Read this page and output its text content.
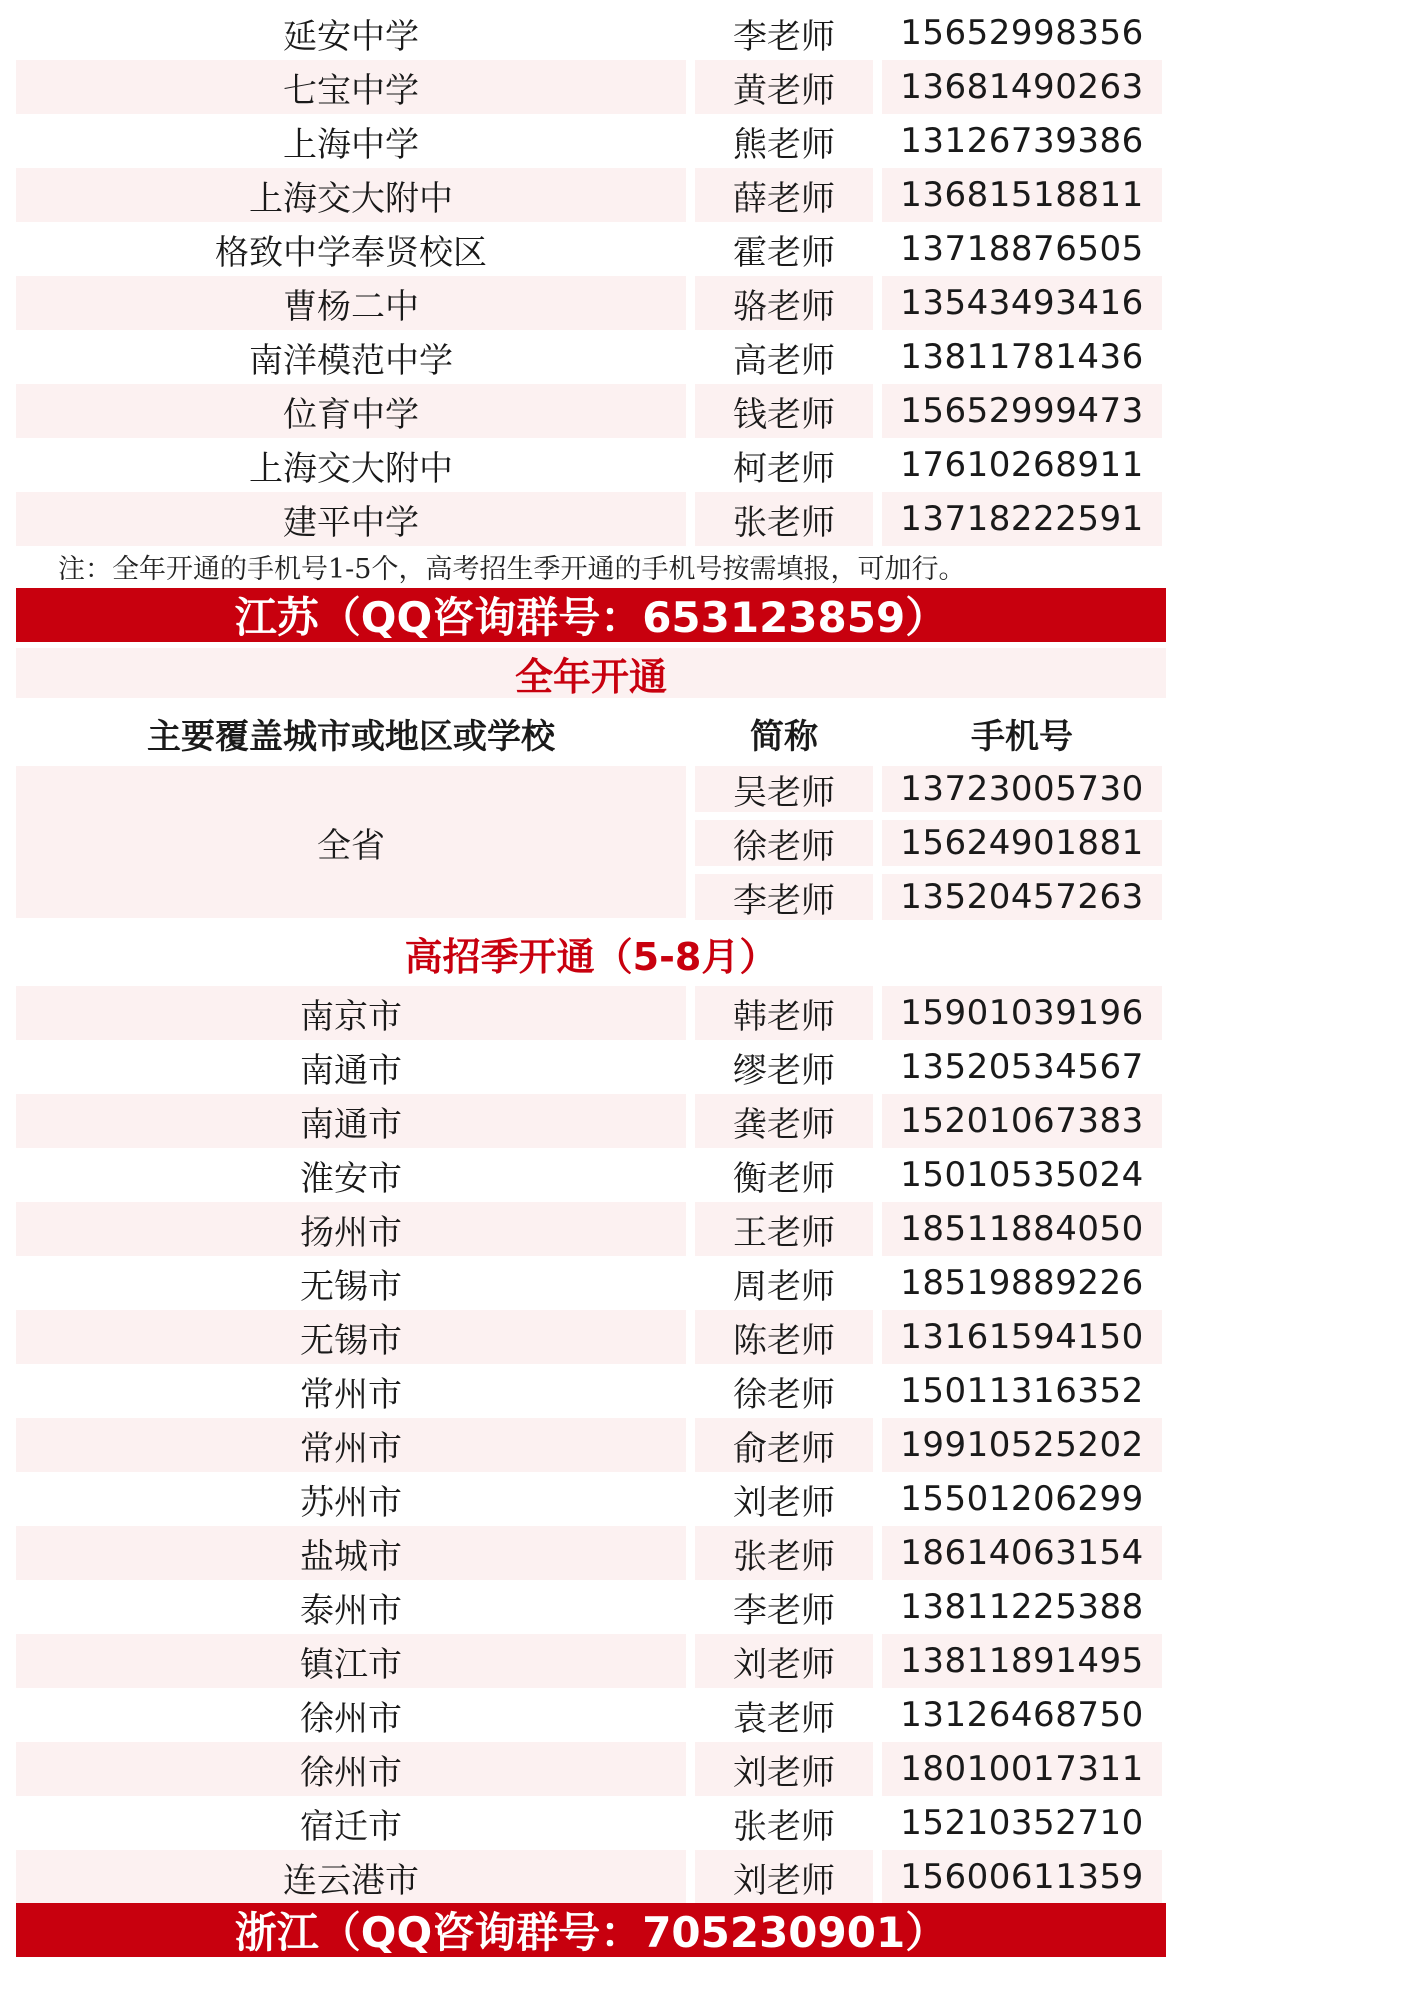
延安中学	李老师	15652998356
七宝中学	黄老师	13681490263
上海中学	熊老师	13126739386
上海交大附中	薛老师	13681518811
格致中学奉贤校区	霍老师	13718876505
曹杨二中	骆老师	13543493416
南洋模范中学	高老师	13811781436
位育中学	钱老师	15652999473
上海交大附中	柯老师	17610268911
建平中学	张老师	13718222591
注：全年开通的手机号1-5个，高考招生季开通的手机号按需填报，可加行。
江苏（QQ咨询群号：653123859）
全年开通
主要覆盖城市或地区或学校	简称	手机号
全省
吴老师	13723005730
徐老师	15624901881
李老师	13520457263
高招季开通（5-8月）
南京市	韩老师	15901039196
南通市	缪老师	13520534567
南通市	龚老师	15201067383
淮安市	衡老师	15010535024
扬州市	王老师	18511884050
无锡市	周老师	18519889226
无锡市	陈老师	13161594150
常州市	徐老师	15011316352
常州市	俞老师	19910525202
苏州市	刘老师	15501206299
盐城市	张老师	18614063154
泰州市	李老师	13811225388
镇江市	刘老师	13811891495
徐州市	袁老师	13126468750
徐州市	刘老师	18010017311
宿迁市	张老师	15210352710
连云港市	刘老师	15600611359
浙江（QQ咨询群号：705230901）
